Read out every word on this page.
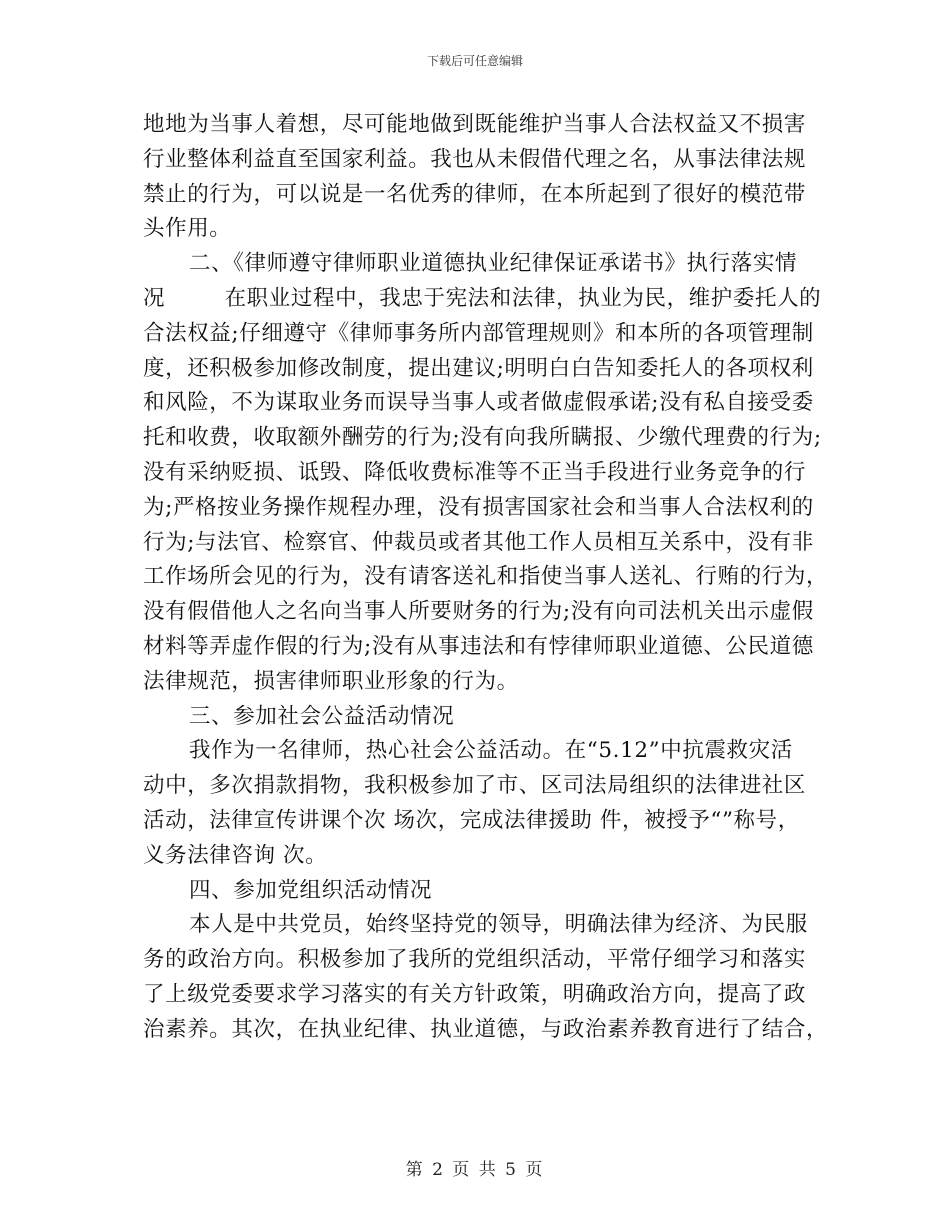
下载后可任意编辑
地地为当事人着想，尽可能地做到既能维护当事人合法权益又不损害
行业整体利益直至国家利益。我也从未假借代理之名，从事法律法规
禁止的行为，可以说是一名优秀的律师，在本所起到了很好的模范带
头作用。
二、《律师遵守律师职业道德执业纪律保证承诺书》执行落实情
况        在职业过程中，我忠于宪法和法律，执业为民，维护委托人的
合法权益;仔细遵守《律师事务所内部管理规则》和本所的各项管理制
度，还积极参加修改制度，提出建议;明明白白告知委托人的各项权利
和风险，不为谋取业务而误导当事人或者做虚假承诺;没有私自接受委
托和收费，收取额外酬劳的行为;没有向我所瞒报、少缴代理费的行为;
没有采纳贬损、诋毁、降低收费标准等不正当手段进行业务竞争的行
为;严格按业务操作规程办理，没有损害国家社会和当事人合法权利的
行为;与法官、检察官、仲裁员或者其他工作人员相互关系中，没有非
工作场所会见的行为，没有请客送礼和指使当事人送礼、行贿的行为，
没有假借他人之名向当事人所要财务的行为;没有向司法机关出示虚假
材料等弄虚作假的行为;没有从事违法和有悖律师职业道德、公民道德
法律规范，损害律师职业形象的行为。
三、参加社会公益活动情况
我作为一名律师，热心社会公益活动。在“5.12”中抗震救灾活
动中，多次捐款捐物，我积极参加了市、区司法局组织的法律进社区
活动，法律宣传讲课个次 场次，完成法律援助 件，被授予“”称号，
义务法律咨询 次。
四、参加党组织活动情况
本人是中共党员，始终坚持党的领导，明确法律为经济、为民服
务的政治方向。积极参加了我所的党组织活动，平常仔细学习和落实
了上级党委要求学习落实的有关方针政策，明确政治方向，提高了政
治素养。其次，在执业纪律、执业道德，与政治素养教育进行了结合，
第 2 页 共 5 页
